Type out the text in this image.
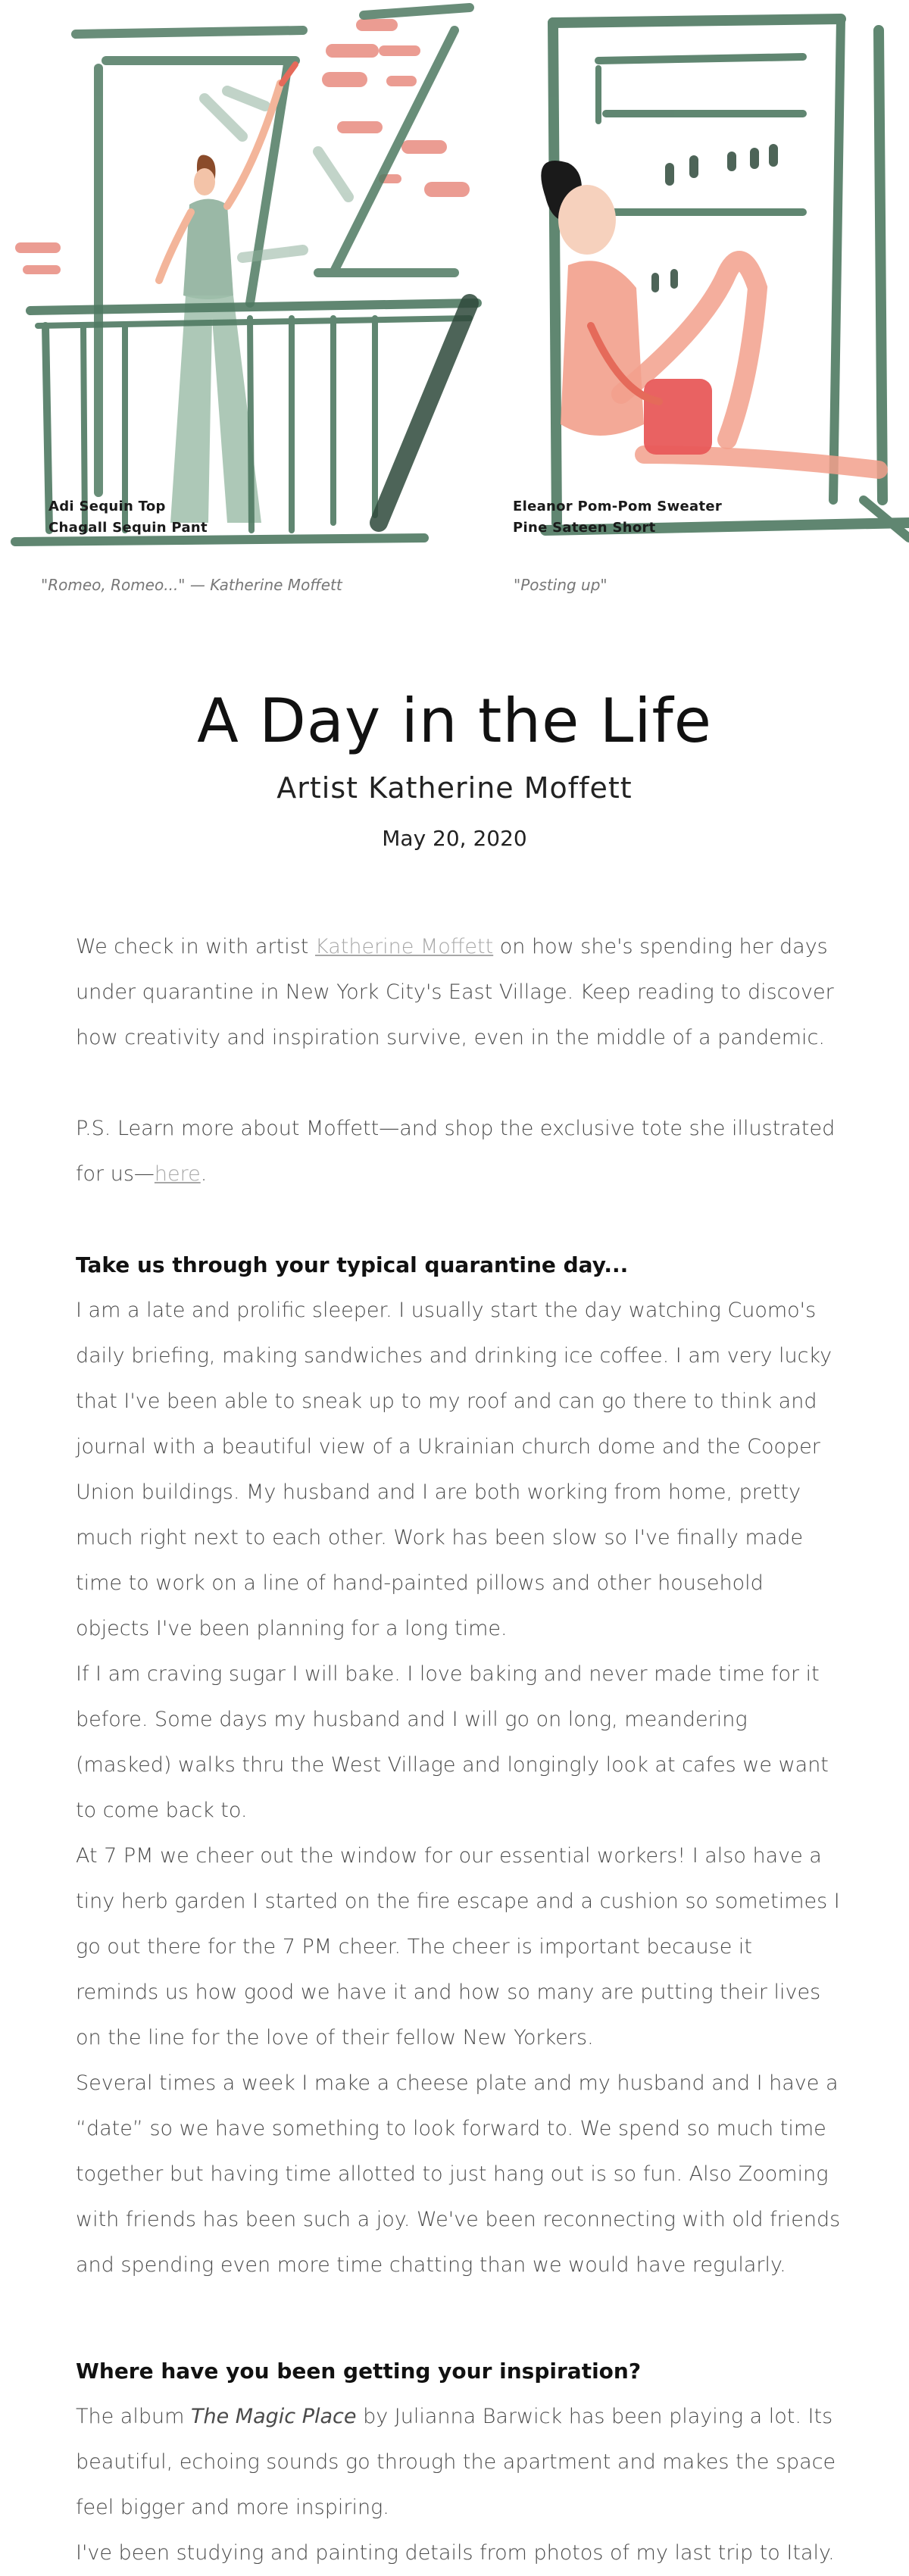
Adi Sequin Top
Chagall Sequin Pant
Eleanor Pom-Pom Sweater
Pine Sateen Short
"Romeo, Romeo..." — Katherine Moffett	"Posting up"
A Day in the Life
Artist Katherine Moffett
May 20, 2020
We check in with artist Katherine Moffett on how she's spending her days under quarantine in New York City's East Village. Keep reading to discover how creativity and inspiration survive, even in the middle of a pandemic.
P.S. Learn more about Moffett—and shop the exclusive tote she illustrated for us—here.
Take us through your typical quarantine day...

I am a late and prolific sleeper. I usually start the day watching Cuomo's daily briefing, making sandwiches and drinking ice coffee. I am very lucky that I've been able to sneak up to my roof and can go there to think and journal with a beautiful view of a Ukrainian church dome and the Cooper Union buildings. My husband and I are both working from home, pretty much right next to each other. Work has been slow so I've finally made time to work on a line of hand-painted pillows and other household objects I've been planning for a long time.

If I am craving sugar I will bake. I love baking and never made time for it before. Some days my husband and I will go on long, meandering (masked) walks thru the West Village and longingly look at cafes we want to come back to.

At 7 PM we cheer out the window for our essential workers! I also have a tiny herb garden I started on the fire escape and a cushion so sometimes I go out there for the 7 PM cheer. The cheer is important because it reminds us how good we have it and how so many are putting their lives on the line for the love of their fellow New Yorkers.

Several times a week I make a cheese plate and my husband and I have a “date” so we have something to look forward to. We spend so much time together but having time allotted to just hang out is so fun. Also Zooming with friends has been such a joy. We've been reconnecting with old friends and spending even more time chatting than we would have regularly.

Where have you been getting your inspiration?

The album The Magic Place by Julianna Barwick has been playing a lot. Its beautiful, echoing sounds go through the apartment and makes the space feel bigger and more inspiring.

I've been studying and painting details from photos of my last trip to Italy.
